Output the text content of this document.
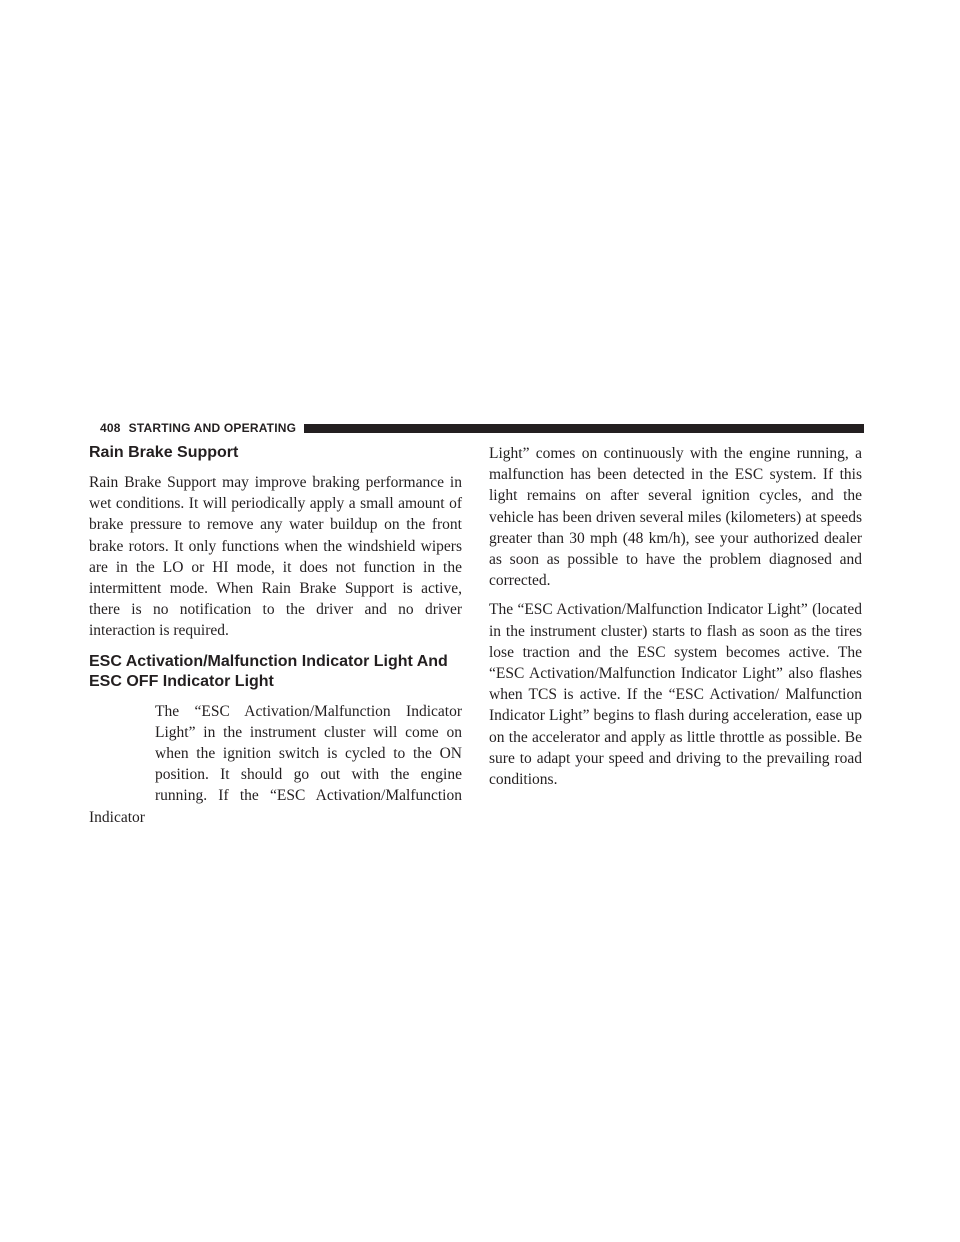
408 STARTING AND OPERATING
Rain Brake Support

Rain Brake Support may improve braking performance in wet conditions. It will periodically apply a small amount of brake pressure to remove any water buildup on the front brake rotors. It only functions when the windshield wipers are in the LO or HI mode, it does not function in the intermittent mode. When Rain Brake Support is active, there is no notification to the driver and no driver interaction is required.

ESC Activation/Malfunction Indicator Light And ESC OFF Indicator Light

The “ESC Activation/Malfunction Indicator Light” in the instrument cluster will come on when the ignition switch is cycled to the ON position. It should go out with the engine running. If the “ESC Activation/Malfunction Indicator

Light” comes on continuously with the engine running, a malfunction has been detected in the ESC system. If this light remains on after several ignition cycles, and the vehicle has been driven several miles (kilometers) at speeds greater than 30 mph (48 km/h), see your authorized dealer as soon as possible to have the problem diagnosed and corrected.

The “ESC Activation/Malfunction Indicator Light” (located in the instrument cluster) starts to flash as soon as the tires lose traction and the ESC system becomes active. The “ESC Activation/Malfunction Indicator Light” also flashes when TCS is active. If the “ESC Activation/ Malfunction Indicator Light” begins to flash during acceleration, ease up on the accelerator and apply as little throttle as possible. Be sure to adapt your speed and driving to the prevailing road conditions.
